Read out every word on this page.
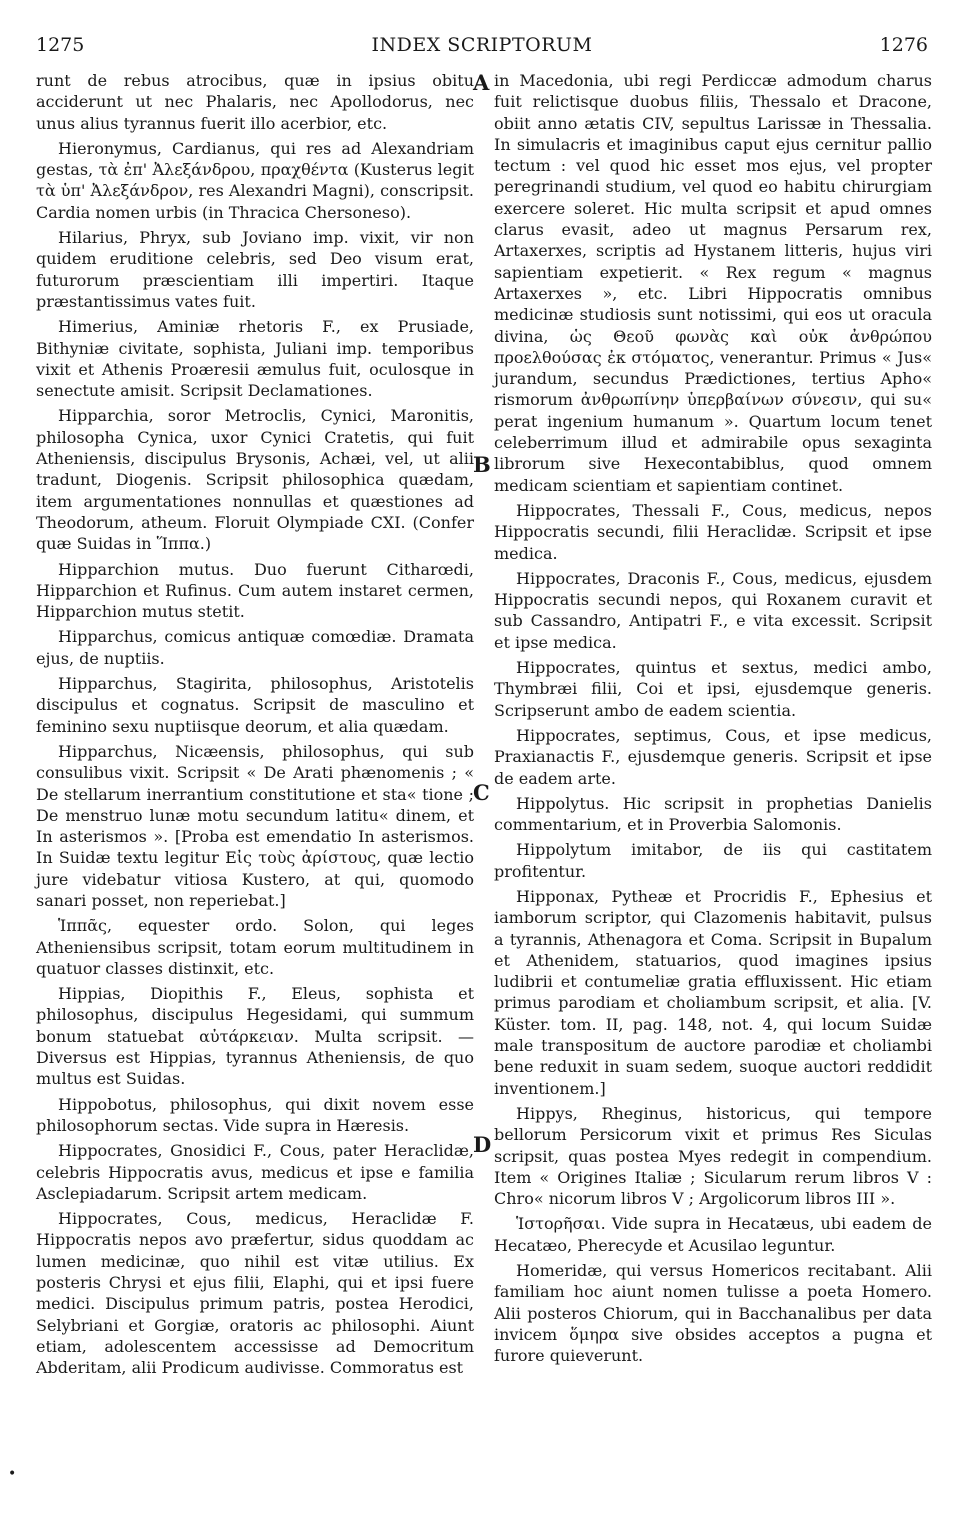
1275	INDEX SCRIPTORUM	1276

runt de rebus atrocibus, quæ in ipsius obitu acciderunt ut nec Phalaris, nec Apollodorus, nec unus alius tyrannus fuerit illo acerbior, etc.

Hieronymus, Cardianus, qui res ad Alexandriam gestas, τὰ ἐπ' Ἀλεξάνδρου, πραχθέντα (Kusterus legit τὰ ὑπ' Ἀλεξάνδρον, res Alexandri Magni), conscripsit. Cardia nomen urbis (in Thracica Chersoneso).

Hilarius, Phryx, sub Joviano imp. vixit, vir non quidem eruditione celebris, sed Deo visum erat, futurorum præscientiam illi impertiri. Itaque præstantissimus vates fuit.

Himerius, Aminiæ rhetoris F., ex Prusiade, Bithyniæ civitate, sophista, Juliani imp. temporibus vixit et Athenis Proæresii æmulus fuit, oculosque in senectute amisit. Scripsit Declamationes.

Hipparchia, soror Metroclis, Cynici, Maronitis, philosopha Cynica, uxor Cynici Cratetis, qui fuit Atheniensis, discipulus Brysonis, Achæi, vel, ut alii tradunt, Diogenis. Scripsit philosophica quædam, item argumentationes nonnullas et quæstiones ad Theodorum, atheum. Floruit Olympiade CXI. (Confer quæ Suidas in Ἵππα.)

Hipparchion mutus. Duo fuerunt Citharœdi, Hipparchion et Rufinus. Cum autem instaret cermen, Hipparchion mutus stetit.

Hipparchus, comicus antiquæ comœdiæ. Dramata ejus, de nuptiis.

Hipparchus, Stagirita, philosophus, Aristotelis discipulus et cognatus. Scripsit de masculino et feminino sexu nuptiisque deorum, et alia quædam.

Hipparchus, Nicæensis, philosophus, qui sub consulibus vixit. Scripsit « De Arati phænomenis ; « De stellarum inerrantium constitutione et sta« tione ; De menstruo lunæ motu secundum latitu« dinem, et In asterismos ». [Proba est emendatio In asterismos. In Suidæ textu legitur Εἰς τοὺς ἀρίστους, quæ lectio jure videbatur vitiosa Kustero, at qui, quomodo sanari posset, non reperiebat.]

Ἱππᾶς, equester ordo. Solon, qui leges Atheniensibus scripsit, totam eorum multitudinem in quatuor classes distinxit, etc.

Hippias, Diopithis F., Eleus, sophista et philosophus, discipulus Hegesidami, qui summum bonum statuebat αὐτάρκειαν. Multa scripsit. — Diversus est Hippias, tyrannus Atheniensis, de quo multus est Suidas.

Hippobotus, philosophus, qui dixit novem esse philosophorum sectas. Vide supra in Hæresis.

Hippocrates, Gnosidici F., Cous, pater Heraclidæ, celebris Hippocratis avus, medicus et ipse e familia Asclepiadarum. Scripsit artem medicam.

Hippocrates, Cous, medicus, Heraclidæ F. Hippocratis nepos avo præfertur, sidus quoddam ac lumen medicinæ, quo nihil est vitæ utilius. Ex posteris Chrysi et ejus filii, Elaphi, qui et ipsi fuere medici. Discipulus primum patris, postea Herodici, Selybriani et Gorgiæ, oratoris ac philosophi. Aiunt etiam, adolescentem accessisse ad Democritum Abderitam, alii Prodicum audivisse. Commoratus est

A
B
C
D

in Macedonia, ubi regi Perdiccæ admodum charus fuit relictisque duobus filiis, Thessalo et Dracone, obiit anno ætatis CIV, sepultus Larissæ in Thessalia. In simulacris et imaginibus caput ejus cernitur pallio tectum : vel quod hic esset mos ejus, vel propter peregrinandi studium, vel quod eo habitu chirurgiam exercere soleret. Hic multa scripsit et apud omnes clarus evasit, adeo ut magnus Persarum rex, Artaxerxes, scriptis ad Hystanem litteris, hujus viri sapientiam expetierit. « Rex regum « magnus Artaxerxes », etc. Libri Hippocratis omnibus medicinæ studiosis sunt notissimi, qui eos ut oracula divina, ὡς Θεοῦ φωνὰς καὶ οὐκ ἀνθρώπου προελθούσας ἐκ στόματος, venerantur. Primus « Jus« jurandum, secundus Prædictiones, tertius Apho« rismorum ἀνθρωπίνην ὑπερβαίνων σύνεσιν, qui su« perat ingenium humanum ». Quartum locum tenet celeberrimum illud et admirabile opus sexaginta librorum sive Hexecontabiblus, quod omnem medicam scientiam et sapientiam continet.

Hippocrates, Thessali F., Cous, medicus, nepos Hippocratis secundi, filii Heraclidæ. Scripsit et ipse medica.

Hippocrates, Draconis F., Cous, medicus, ejusdem Hippocratis secundi nepos, qui Roxanem curavit et sub Cassandro, Antipatri F., e vita excessit. Scripsit et ipse medica.

Hippocrates, quintus et sextus, medici ambo, Thymbræi filii, Coi et ipsi, ejusdemque generis. Scripserunt ambo de eadem scientia.

Hippocrates, septimus, Cous, et ipse medicus, Praxianactis F., ejusdemque generis. Scripsit et ipse de eadem arte.

Hippolytus. Hic scripsit in prophetias Danielis commentarium, et in Proverbia Salomonis.

Hippolytum imitabor, de iis qui castitatem profitentur.

Hipponax, Pytheæ et Procridis F., Ephesius et iamborum scriptor, qui Clazomenis habitavit, pulsus a tyrannis, Athenagora et Coma. Scripsit in Bupalum et Athenidem, statuarios, quod imagines ipsius ludibrii et contumeliæ gratia effluxissent. Hic etiam primus parodiam et choliambum scripsit, et alia. [V. Küster. tom. II, pag. 148, not. 4, qui locum Suidæ male transpositum de auctore parodiæ et choliambi bene reduxit in suam sedem, suoque auctori reddidit inventionem.]

Hippys, Rheginus, historicus, qui tempore bellorum Persicorum vixit et primus Res Siculas scripsit, quas postea Myes redegit in compendium. Item « Origines Italiæ ; Sicularum rerum libros V : Chro« nicorum libros V ; Argolicorum libros III ».

Ἱστορῆσαι. Vide supra in Hecatæus, ubi eadem de Hecatæo, Pherecyde et Acusilao leguntur.

Homeridæ, qui versus Homericos recitabant. Alii familiam hoc aiunt nomen tulisse a poeta Homero. Alii posteros Chiorum, qui in Bacchanalibus per data invicem ὅμηρα sive obsides acceptos a pugna et furore quieverunt.

•
